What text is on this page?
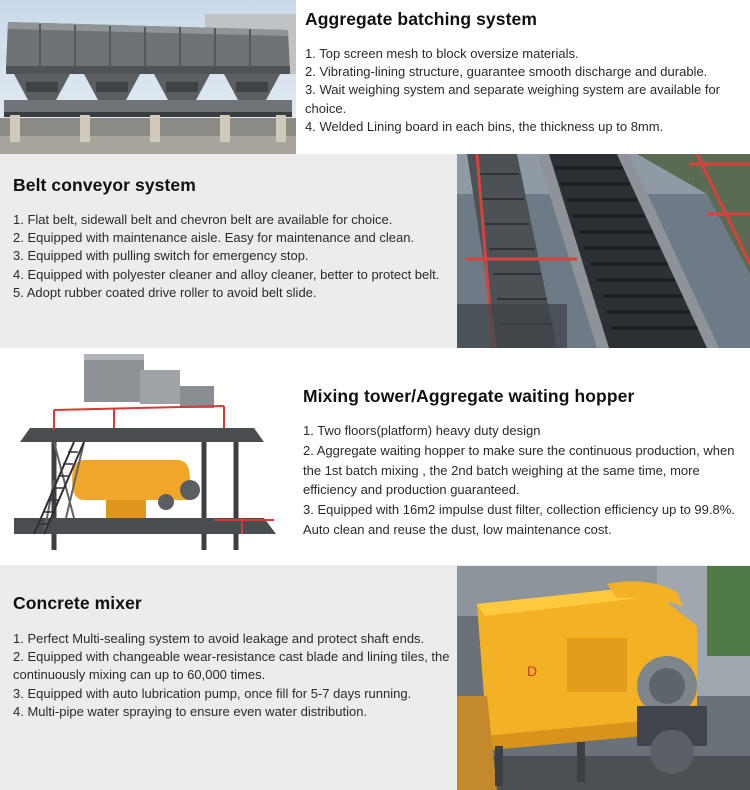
Aggregate batching system
1. Top screen mesh to block oversize materials.
2. Vibrating-lining structure, guarantee smooth discharge and durable.
3. Wait weighing system and separate weighing system are available for choice.
4. Welded Lining board in each bins, the thickness up to 8mm.
Belt conveyor system
1. Flat belt, sidewall belt and chevron belt are available for choice.
2. Equipped with maintenance aisle. Easy for maintenance and clean.
3. Equipped with pulling switch for emergency stop.
4. Equipped with polyester cleaner and alloy cleaner, better to protect belt.
5. Adopt rubber coated drive roller to avoid belt slide.
Mixing tower/Aggregate waiting hopper
1. Two floors(platform) heavy duty design
2. Aggregate waiting hopper to make sure the continuous production, when the 1st batch mixing , the 2nd batch weighing at the same time, more efficiency and production guaranteed.
3. Equipped with 16m2 impulse dust filter, collection efficiency up to 99.8%. Auto clean and reuse the dust, low maintenance cost.
D
Concrete mixer
1. Perfect Multi-sealing system to avoid leakage and protect shaft ends.
2. Equipped with changeable wear-resistance cast blade and lining tiles, the continuously mixing can up to 60,000 times.
3. Equipped with auto lubrication pump, once fill for 5-7 days running.
4. Multi-pipe water spraying to ensure even water distribution.
